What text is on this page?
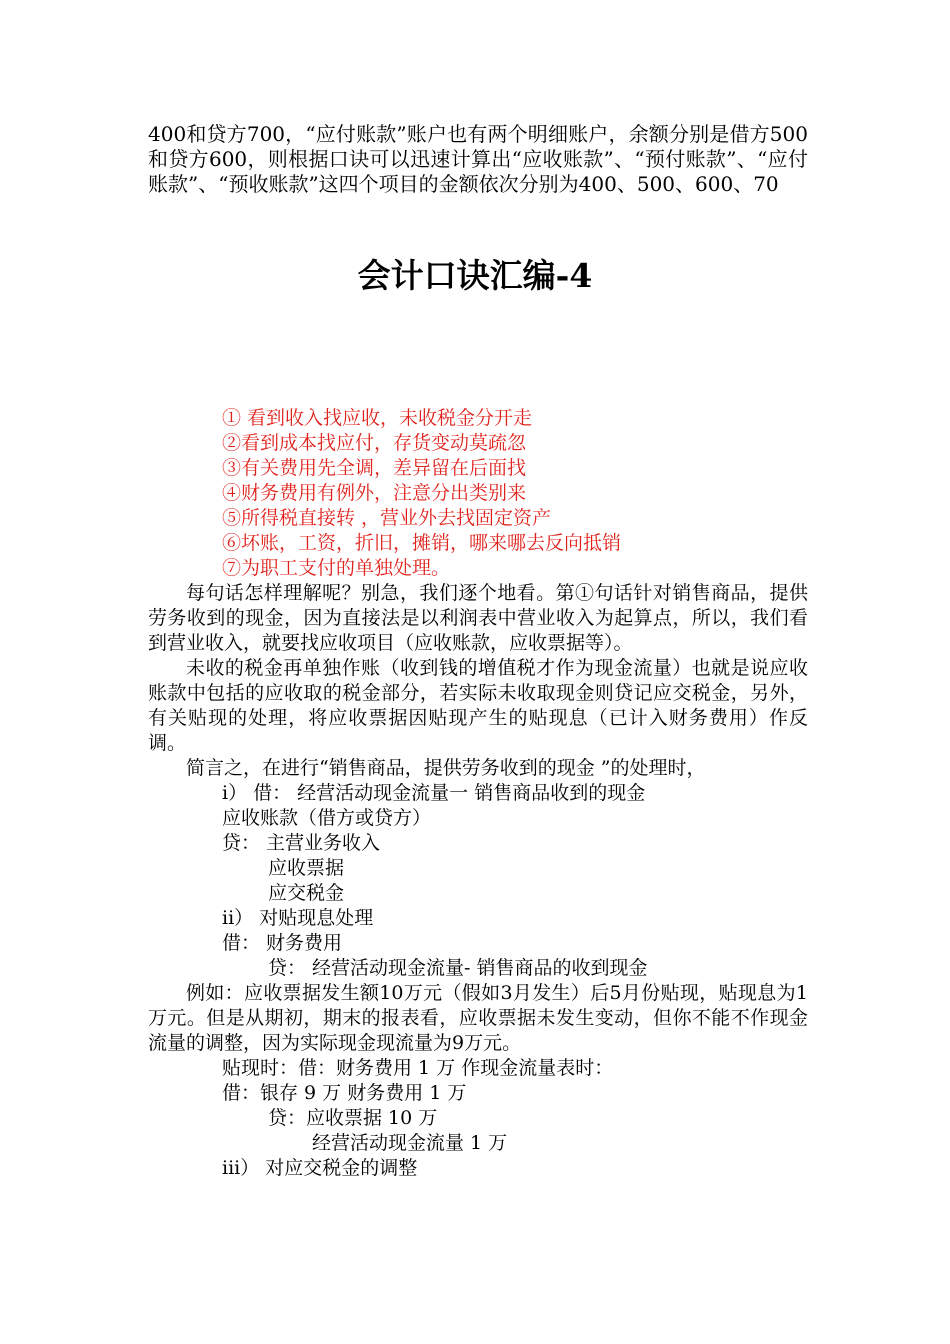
400和贷方700，“应付账款”账户也有两个明细账户，余额分别是借方500和贷方600，则根据口诀可以迅速计算出“应收账款”、“预付账款”、“应付账款”、“预收账款”这四个项目的金额依次分别为400、500、600、70

会计口诀汇编-4
① 看到收入找应收，未收税金分开走
②看到成本找应付，存货变动莫疏忽
③有关费用先全调，差异留在后面找
④财务费用有例外，注意分出类别来
⑤所得税直接转 ，营业外去找固定资产
⑥坏账，工资，折旧，摊销，哪来哪去反向抵销
⑦为职工支付的单独处理。

每句话怎样理解呢？别急，我们逐个地看。第①句话针对销售商品，提供劳务收到的现金，因为直接法是以利润表中营业收入为起算点，所以，我们看到营业收入，就要找应收项目（应收账款，应收票据等）。

未收的税金再单独作账（收到钱的增值税才作为现金流量）也就是说应收账款中包括的应收取的税金部分，若实际未收取现金则贷记应交税金，另外，有关贴现的处理，将应收票据因贴现产生的贴现息（已计入财务费用）作反调。

简言之，在进行“销售商品，提供劳务收到的现金 ”的处理时，

i） 借： 经营活动现金流量一 销售商品收到的现金

应收账款（借方或贷方）

贷： 主营业务收入

应收票据

应交税金

ii） 对贴现息处理

借： 财务费用

贷： 经营活动现金流量- 销售商品的收到现金

例如：应收票据发生额10万元（假如3月发生）后5月份贴现，贴现息为1万元。但是从期初，期末的报表看，应收票据未发生变动，但你不能不作现金流量的调整，因为实际现金现流量为9万元。

贴现时：借：财务费用 1 万 作现金流量表时：

借：银存 9 万 财务费用 1 万

贷：应收票据 10 万

经营活动现金流量 1 万

iii） 对应交税金的调整
